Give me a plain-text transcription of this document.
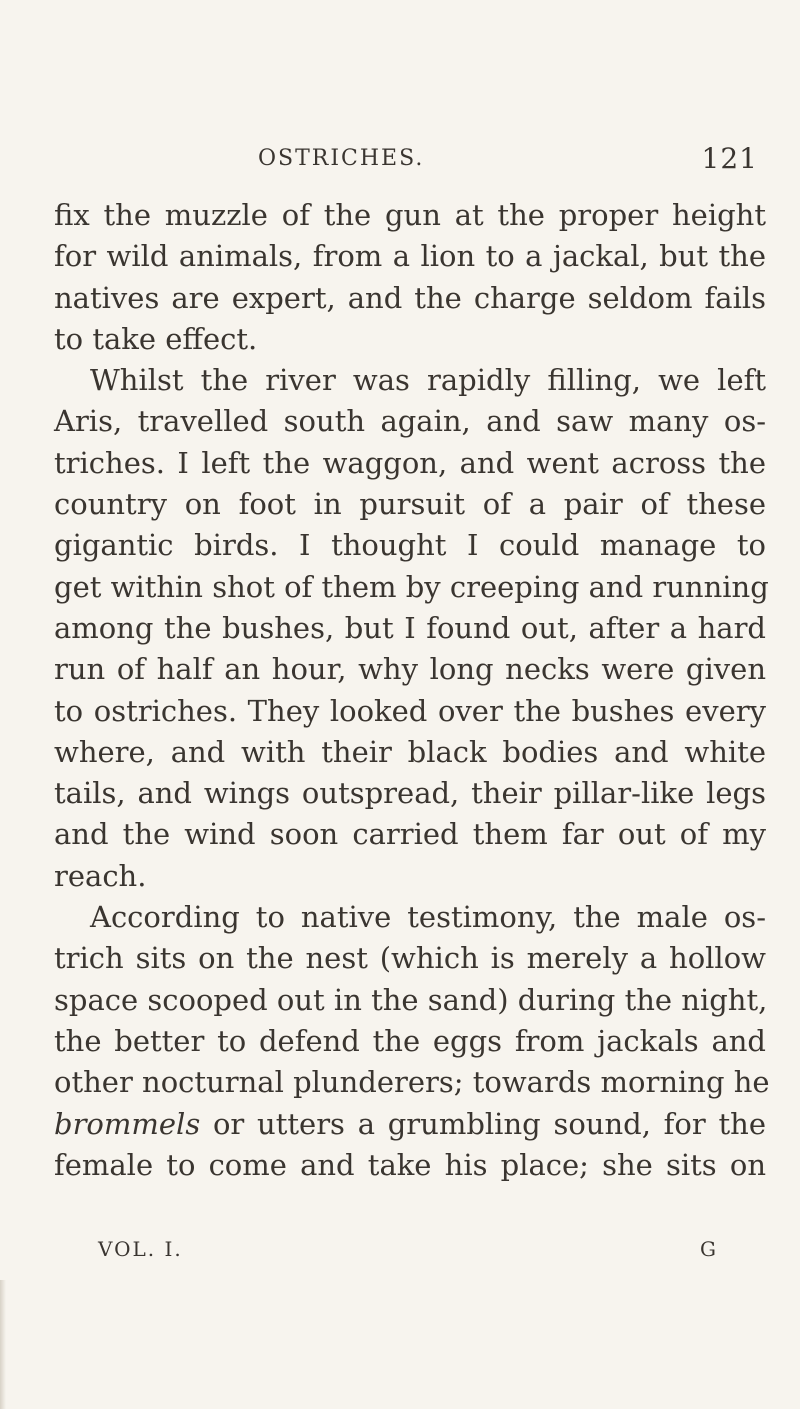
OSTRICHES.	121
fix the muzzle of the gun at the proper height
for wild animals, from a lion to a jackal, but the
natives are expert, and the charge seldom fails
to take effect.
Whilst the river was rapidly filling, we left
Aris, travelled south again, and saw many os-
triches. I left the waggon, and went across the
country on foot in pursuit of a pair of these
gigantic birds. I thought I could manage to
get within shot of them by creeping and running
among the bushes, but I found out, after a hard
run of half an hour, why long necks were given
to ostriches. They looked over the bushes every
where, and with their black bodies and white
tails, and wings outspread, their pillar-like legs
and the wind soon carried them far out of my
reach.
According to native testimony, the male os-
trich sits on the nest (which is merely a hollow
space scooped out in the sand) during the night,
the better to defend the eggs from jackals and
other nocturnal plunderers; towards morning he
brommels or utters a grumbling sound, for the
female to come and take his place; she sits on
VOL. I.	G
